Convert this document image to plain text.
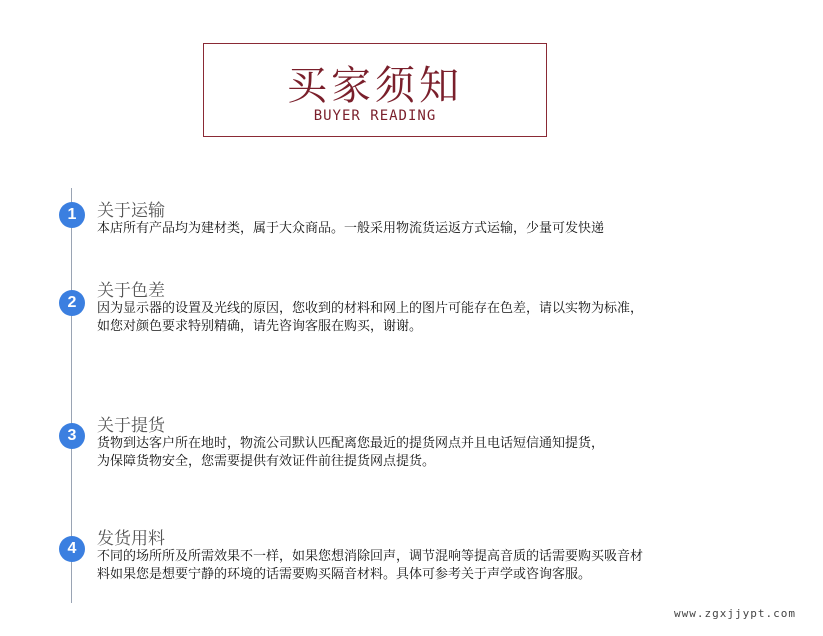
买家须知
BUYER READING
1	关于运输
本店所有产品均为建材类，属于大众商品。一般采用物流货运返方式运输，少量可发快递
2
关于色差
因为显示器的设置及光线的原因，您收到的材料和网上的图片可能存在色差，请以实物为标准，
如您对颜色要求特别精确，请先咨询客服在购买，谢谢。
3	关于提货
货物到达客户所在地时，物流公司默认匹配离您最近的提货网点并且电话短信通知提货，
为保障货物安全，您需要提供有效证件前往提货网点提货。
4	发货用料
不同的场所所及所需效果不一样，如果您想消除回声，调节混响等提高音质的话需要购买吸音材
料如果您是想要宁静的环境的话需要购买隔音材料。具体可参考关于声学或咨询客服。
www.zgxjjypt.com
